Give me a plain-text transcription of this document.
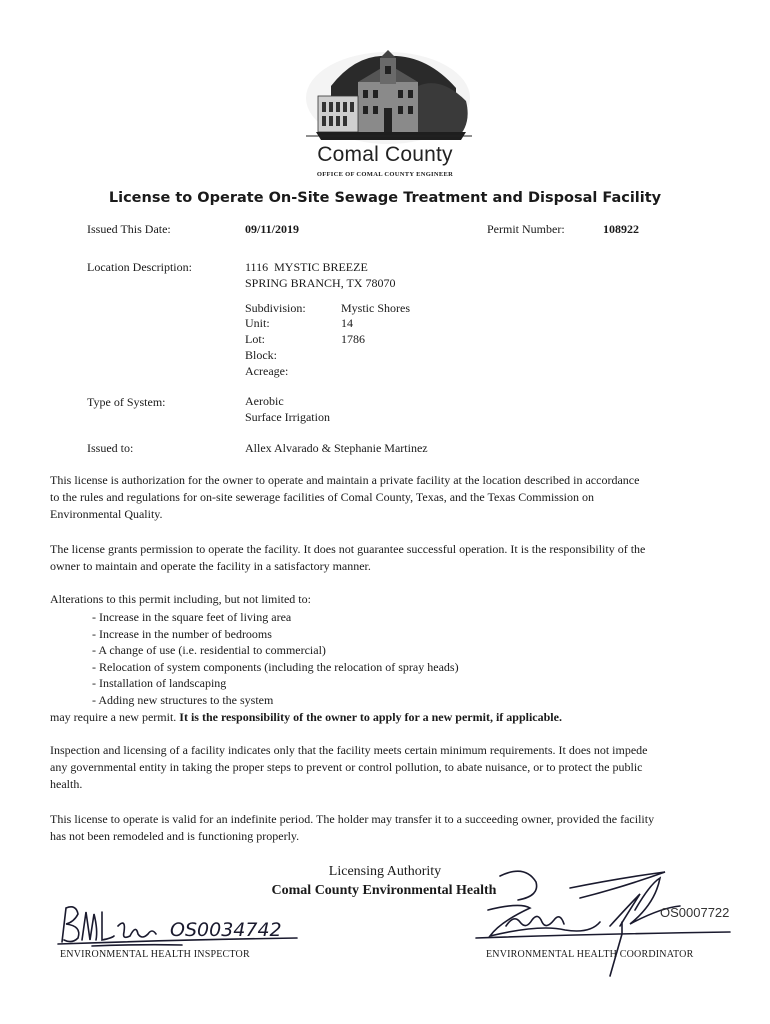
Comal County
OFFICE OF COMAL COUNTY ENGINEER
License to Operate On-Site Sewage Treatment and Disposal Facility
Issued This Date:	09/11/2019	Permit Number:	108922
Location Description:	1116  MYSTIC BREEZE
SPRING BRANCH, TX 78070
Subdivision:	Mystic Shores
Unit:	14
Lot:	1786
Block:
Acreage:
Type of System:	Aerobic
Surface Irrigation
Issued to:	Allex Alvarado & Stephanie Martinez

This license is authorization for the owner to operate and maintain a private facility at the location described in accordance to the rules and regulations for on-site sewerage facilities of Comal County, Texas, and the Texas Commission on Environmental Quality.

The license grants permission to operate the facility. It does not guarantee successful operation. It is the responsibility of the owner to maintain and operate the facility in a satisfactory manner.

Alterations to this permit including, but not limited to:

- Increase in the square feet of living area
- Increase in the number of bedrooms
- A change of use (i.e. residential to commercial)
- Relocation of system components (including the relocation of spray heads)
- Installation of landscaping
- Adding new structures to the system

may require a new permit. It is the responsibility of the owner to apply for a new permit, if applicable.

Inspection and licensing of a facility indicates only that the facility meets certain minimum requirements. It does not impede any governmental entity in taking the proper steps to prevent or control pollution, to abate nuisance, or to protect the public health.

This license to operate is valid for an indefinite period. The holder may transfer it to a succeeding owner, provided the facility has not been remodeled and is functioning properly.

Licensing Authority
Comal County Environmental Health
OS0034742
ENVIRONMENTAL HEALTH INSPECTOR
OS0007722
ENVIRONMENTAL HEALTH COORDINATOR
